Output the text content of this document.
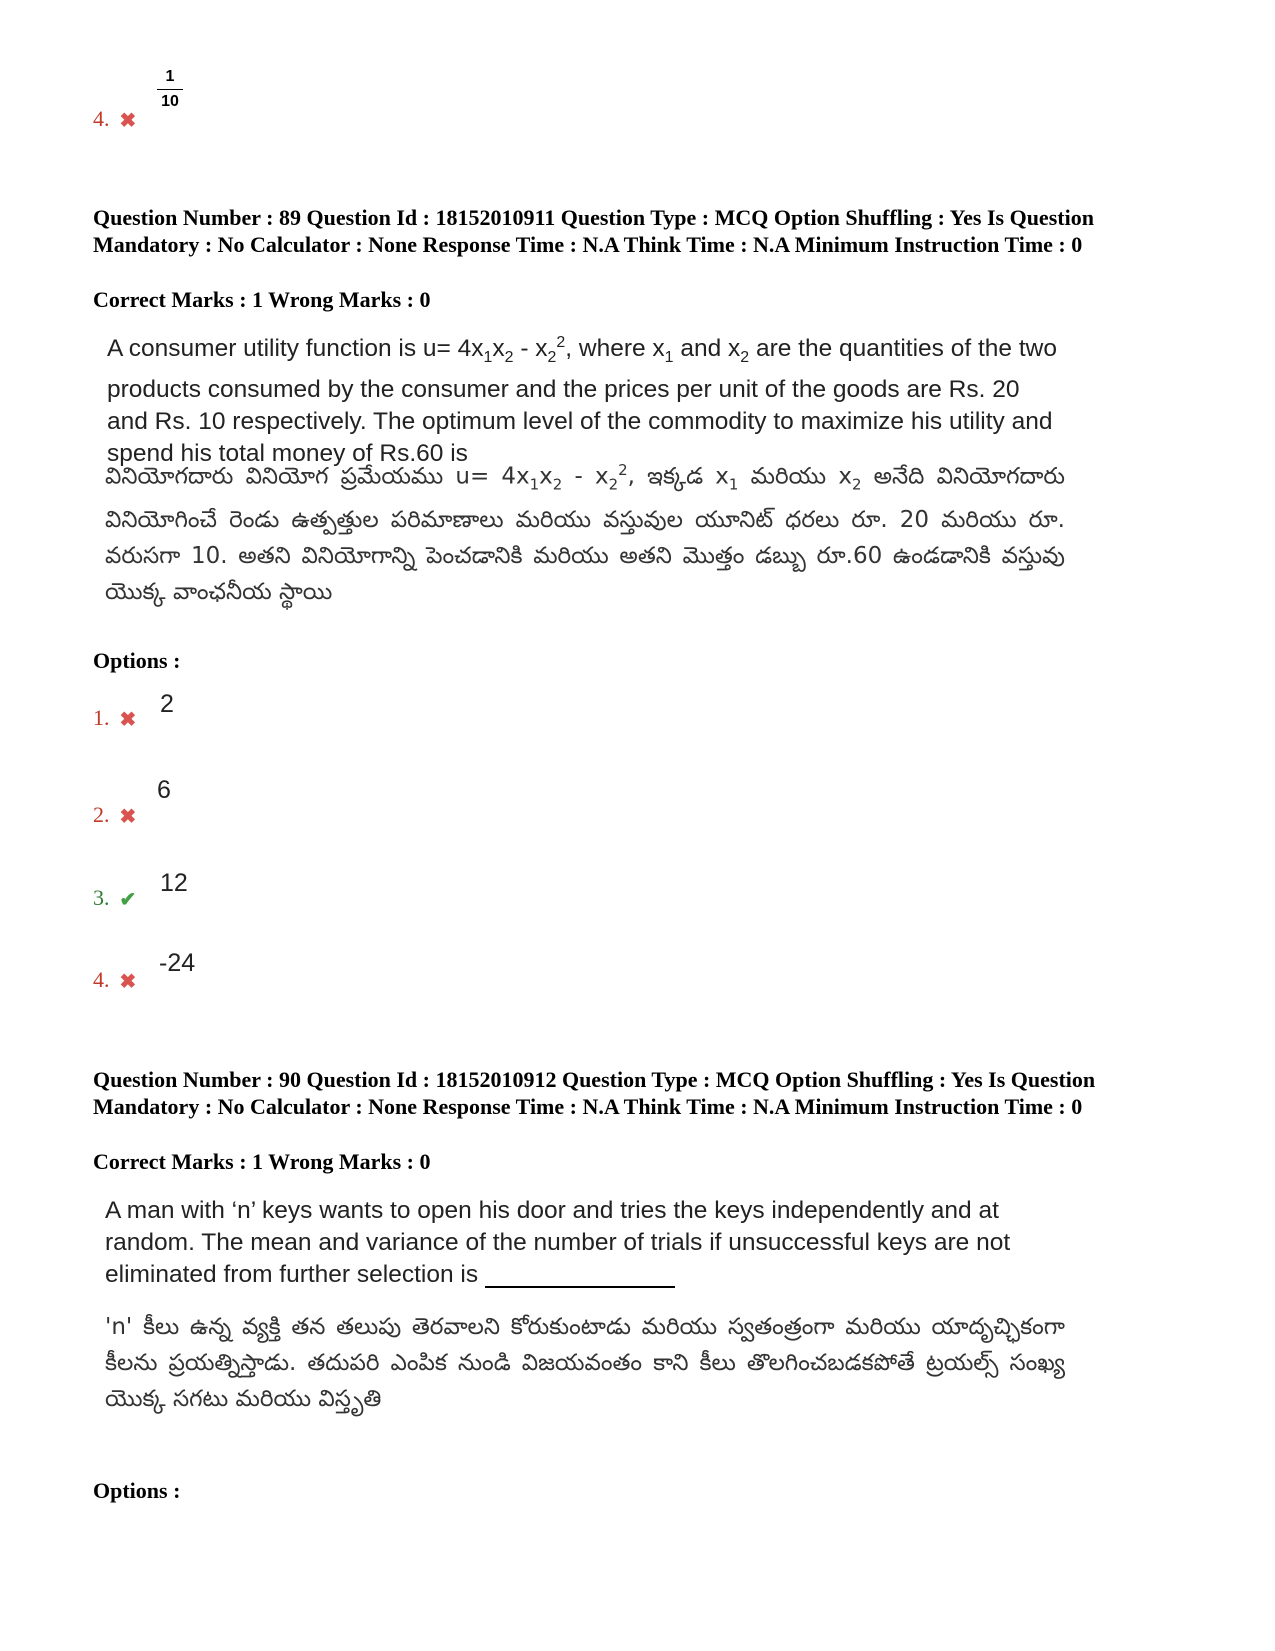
4. ✖
1
10
Question Number : 89 Question Id : 18152010911 Question Type : MCQ Option Shuffling : Yes Is Question Mandatory : No Calculator : None Response Time : N.A Think Time : N.A Minimum Instruction Time : 0
Correct Marks : 1 Wrong Marks : 0
A consumer utility function is $u= 4x_1x_2 - x_2^2$, where $x_1$ and $x_2$ are the quantities of the two products consumed by the consumer and the prices per unit of the goods are Rs. 20 and Rs. 10 respectively. The optimum level of the commodity to maximize his utility and spend his total money of Rs.60 is
వినియోగదారు వినియోగ ప్రమేయము $u= 4x_1x_2 - x_2^2$, ఇక్కడ $x_1$ మరియు $x_2$ అనేది వినియోగదారు వినియోగించే రెండు ఉత్పత్తుల పరిమాణాలు మరియు వస్తువుల యూనిట్ ధరలు రూ. 20 మరియు రూ. వరుసగా 10. అతని వినియోగాన్ని పెంచడానికి మరియు అతని మొత్తం డబ్బు రూ.60 ఉండడానికి వస్తువు యొక్క వాంఛనీయ స్థాయి
Options :
1. ✖
2
2. ✖
6
3. ✔
12
4. ✖
-24
Question Number : 90 Question Id : 18152010912 Question Type : MCQ Option Shuffling : Yes Is Question Mandatory : No Calculator : None Response Time : N.A Think Time : N.A Minimum Instruction Time : 0
Correct Marks : 1 Wrong Marks : 0
A man with ‘n’ keys wants to open his door and tries the keys independently and at random. The mean and variance of the number of trials if unsuccessful keys are not eliminated from further selection is
'n' కీలు ఉన్న వ్యక్తి తన తలుపు తెరవాలని కోరుకుంటాడు మరియు స్వతంత్రంగా మరియు యాదృచ్ఛికంగా కీలను ప్రయత్నిస్తాడు. తదుపరి ఎంపిక నుండి విజయవంతం కాని కీలు తొలగించబడకపోతే ట్రయల్స్ సంఖ్య యొక్క సగటు మరియు విస్తృతి
Options :
